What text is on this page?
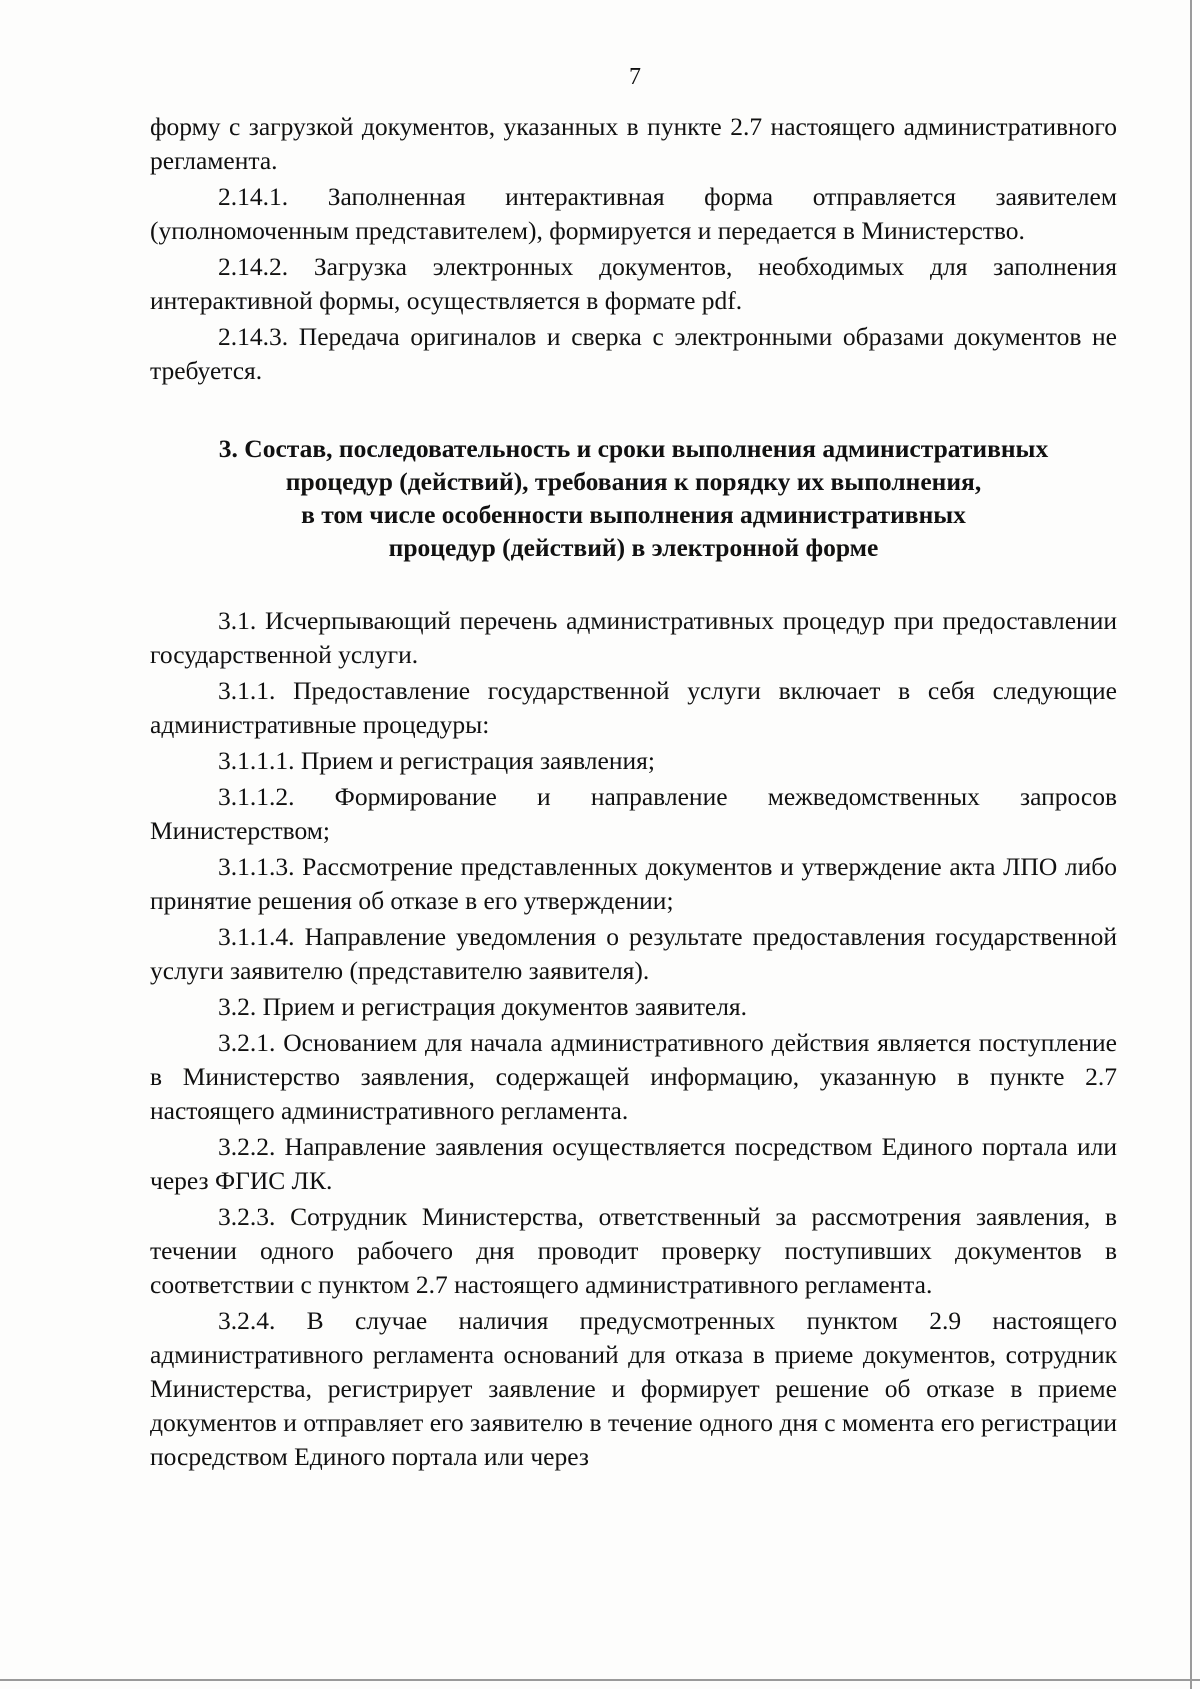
7

форму с загрузкой документов, указанных в пункте 2.7 настоящего административного регламента.

2.14.1. Заполненная интерактивная форма отправляется заявителем (уполномоченным представителем), формируется и передается в Министерство.

2.14.2. Загрузка электронных документов, необходимых для заполнения интерактивной формы, осуществляется в формате pdf.

2.14.3. Передача оригиналов и сверка с электронными образами документов не требуется.

3. Состав, последовательность и сроки выполнения административных
процедур (действий), требования к порядку их выполнения,
в том числе особенности выполнения административных
процедур (действий) в электронной форме

3.1. Исчерпывающий перечень административных процедур при предоставлении государственной услуги.

3.1.1. Предоставление государственной услуги включает в себя следующие административные процедуры:

3.1.1.1. Прием и регистрация заявления;

3.1.1.2. Формирование и направление межведомственных запросов Министерством;

3.1.1.3. Рассмотрение представленных документов и утверждение акта ЛПО либо принятие решения об отказе в его утверждении;

3.1.1.4. Направление уведомления о результате предоставления государственной услуги заявителю (представителю заявителя).

3.2. Прием и регистрация документов заявителя.

3.2.1. Основанием для начала административного действия является поступление в Министерство заявления, содержащей информацию, указанную в пункте 2.7 настоящего административного регламента.

3.2.2. Направление заявления осуществляется посредством Единого портала или через ФГИС ЛК.

3.2.3. Сотрудник Министерства, ответственный за рассмотрения заявления, в течении одного рабочего дня проводит проверку поступивших документов в соответствии с пунктом 2.7 настоящего административного регламента.

3.2.4. В случае наличия предусмотренных пунктом 2.9 настоящего административного регламента оснований для отказа в приеме документов, сотрудник Министерства, регистрирует заявление и формирует решение об отказе в приеме документов и отправляет его заявителю в течение одного дня с момента его регистрации посредством Единого портала или через
